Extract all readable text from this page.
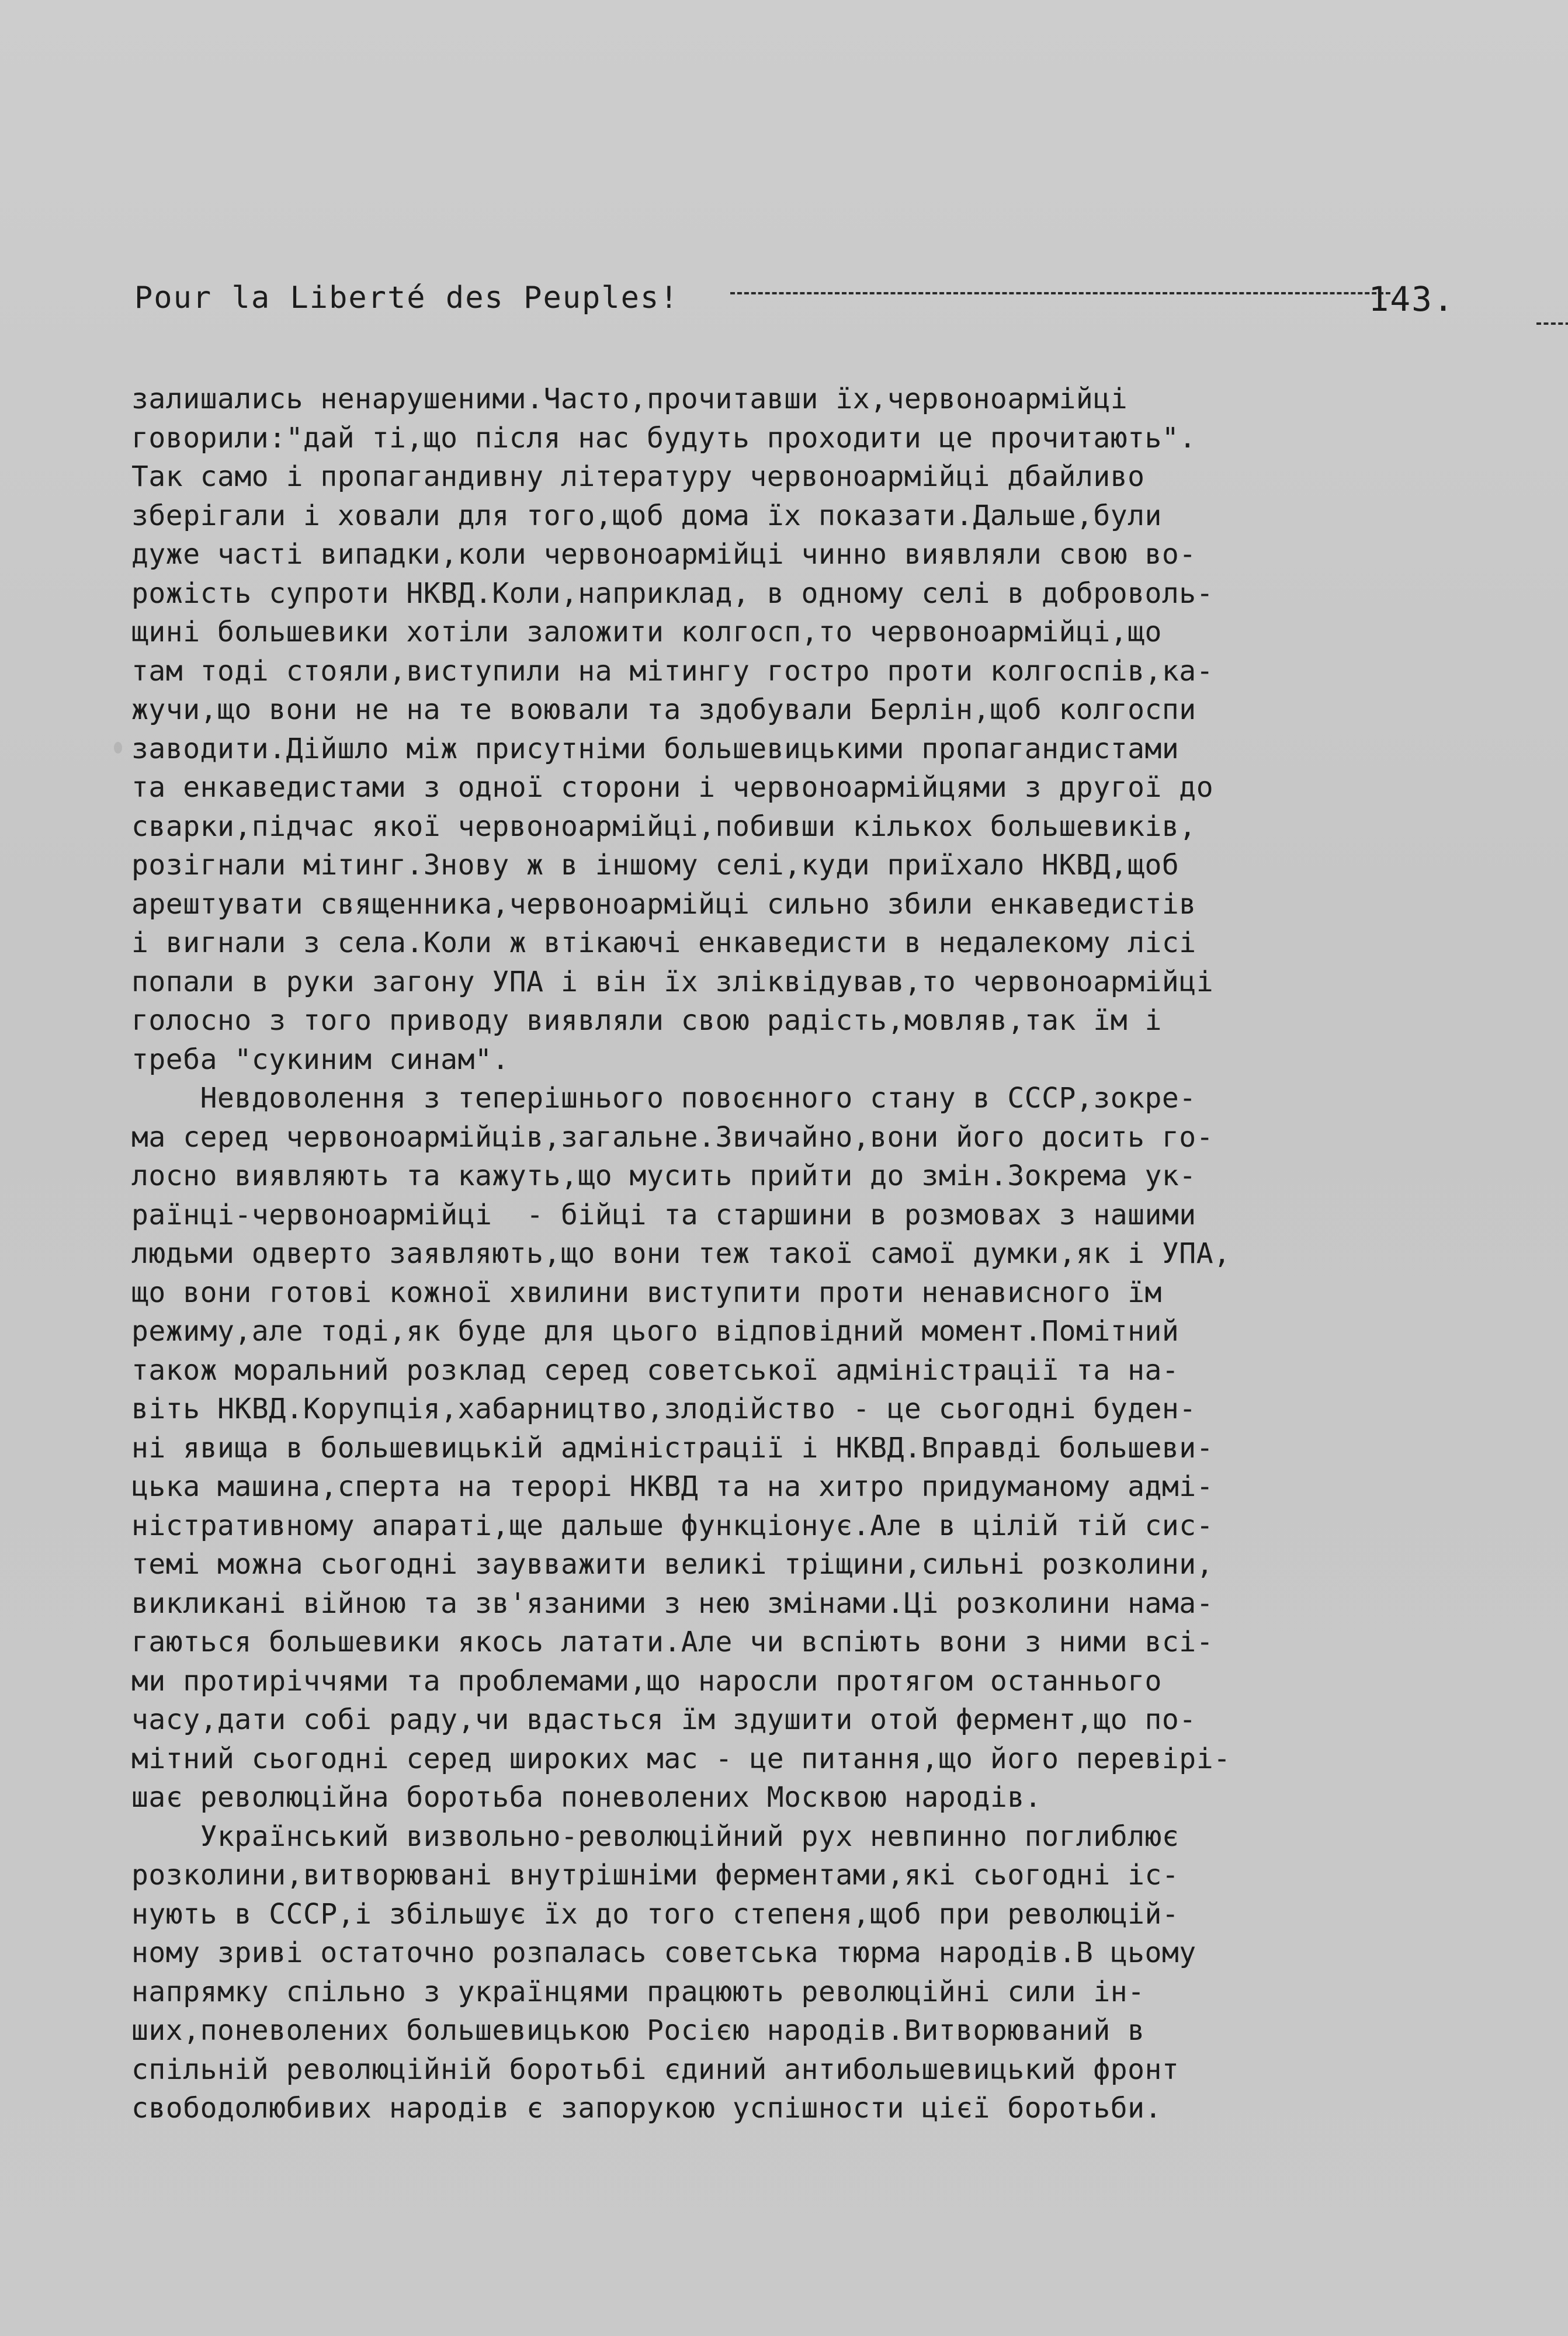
Pour la Liberté des Peuples!	143.
залишались ненарушеними.Часто,прочитавши їх,червоноармійці
говорили:"дай ті,що після нас будуть проходити це прочитають".
Так само і пропагандивну літературу червоноармійці дбайливо
зберігали і ховали для того,щоб дома їх показати.Дальше,були
дуже часті випадки,коли червоноармійці чинно виявляли свою во-
рожість супроти НКВД.Коли,наприклад, в одному селі в доброволь-
щині большевики хотіли заложити колгосп,то червоноармійці,що
там тоді стояли,виступили на мітингу гостро проти колгоспів,ка-
жучи,що вони не на те воювали та здобували Берлін,щоб колгоспи
заводити.Дійшло між присутніми большевицькими пропагандистами
та енкаведистами з одної сторони і червоноармійцями з другої до
сварки,підчас якої червоноармійці,побивши кількох большевиків,
розігнали мітинг.Знову ж в іншому селі,куди приїхало НКВД,щоб
арештувати священника,червоноармійці сильно збили енкаведистів
і вигнали з села.Коли ж втікаючі енкаведисти в недалекому лісі
попали в руки загону УПА і він їх зліквідував,то червоноармійці
голосно з того приводу виявляли свою радість,мовляв,так їм і
треба "сукиним синам".
Невдоволення з теперішнього повоєнного стану в СССР,зокре-
ма серед червоноармійців,загальне.Звичайно,вони його досить го-
лосно виявляють та кажуть,що мусить прийти до змін.Зокрема ук-
раїнці-червоноармійці  - бійці та старшини в розмовах з нашими
людьми одверто заявляють,що вони теж такої самої думки,як і УПА,
що вони готові кожної хвилини виступити проти ненависного їм
режиму,але тоді,як буде для цього відповідний момент.Помітний
також моральний розклад серед советської адміністрації та на-
віть НКВД.Корупція,хабарництво,злодійство - це сьогодні буден-
ні явища в большевицькій адміністрації і НКВД.Вправді большеви-
цька машина,сперта на терорі НКВД та на хитро придуманому адмі-
ністративному апараті,ще дальше функціонує.Але в цілій тій сис-
темі можна сьогодні заувважити великі тріщини,сильні розколини,
викликані війною та зв'язаними з нею змінами.Ці розколини нама-
гаються большевики якось латати.Але чи вспіють вони з ними всі-
ми протиріччями та проблемами,що наросли протягом останнього
часу,дати собі раду,чи вдасться їм здушити отой фермент,що по-
мітний сьогодні серед широких мас - це питання,що його перевірі-
шає революційна боротьба поневолених Москвою народів.
Український визвольно-революційний рух невпинно поглиблює
розколини,витворювані внутрішніми ферментами,які сьогодні іс-
нують в СССР,і збільшує їх до того степеня,щоб при революцій-
ному зриві остаточно розпалась советська тюрма народів.В цьому
напрямку спільно з українцями працюють революційні сили ін-
ших,поневолених большевицькою Росією народів.Витворюваний в
спільній революційній боротьбі єдиний антибольшевицький фронт
свободолюбивих народів є запорукою успішности цієї боротьби.
